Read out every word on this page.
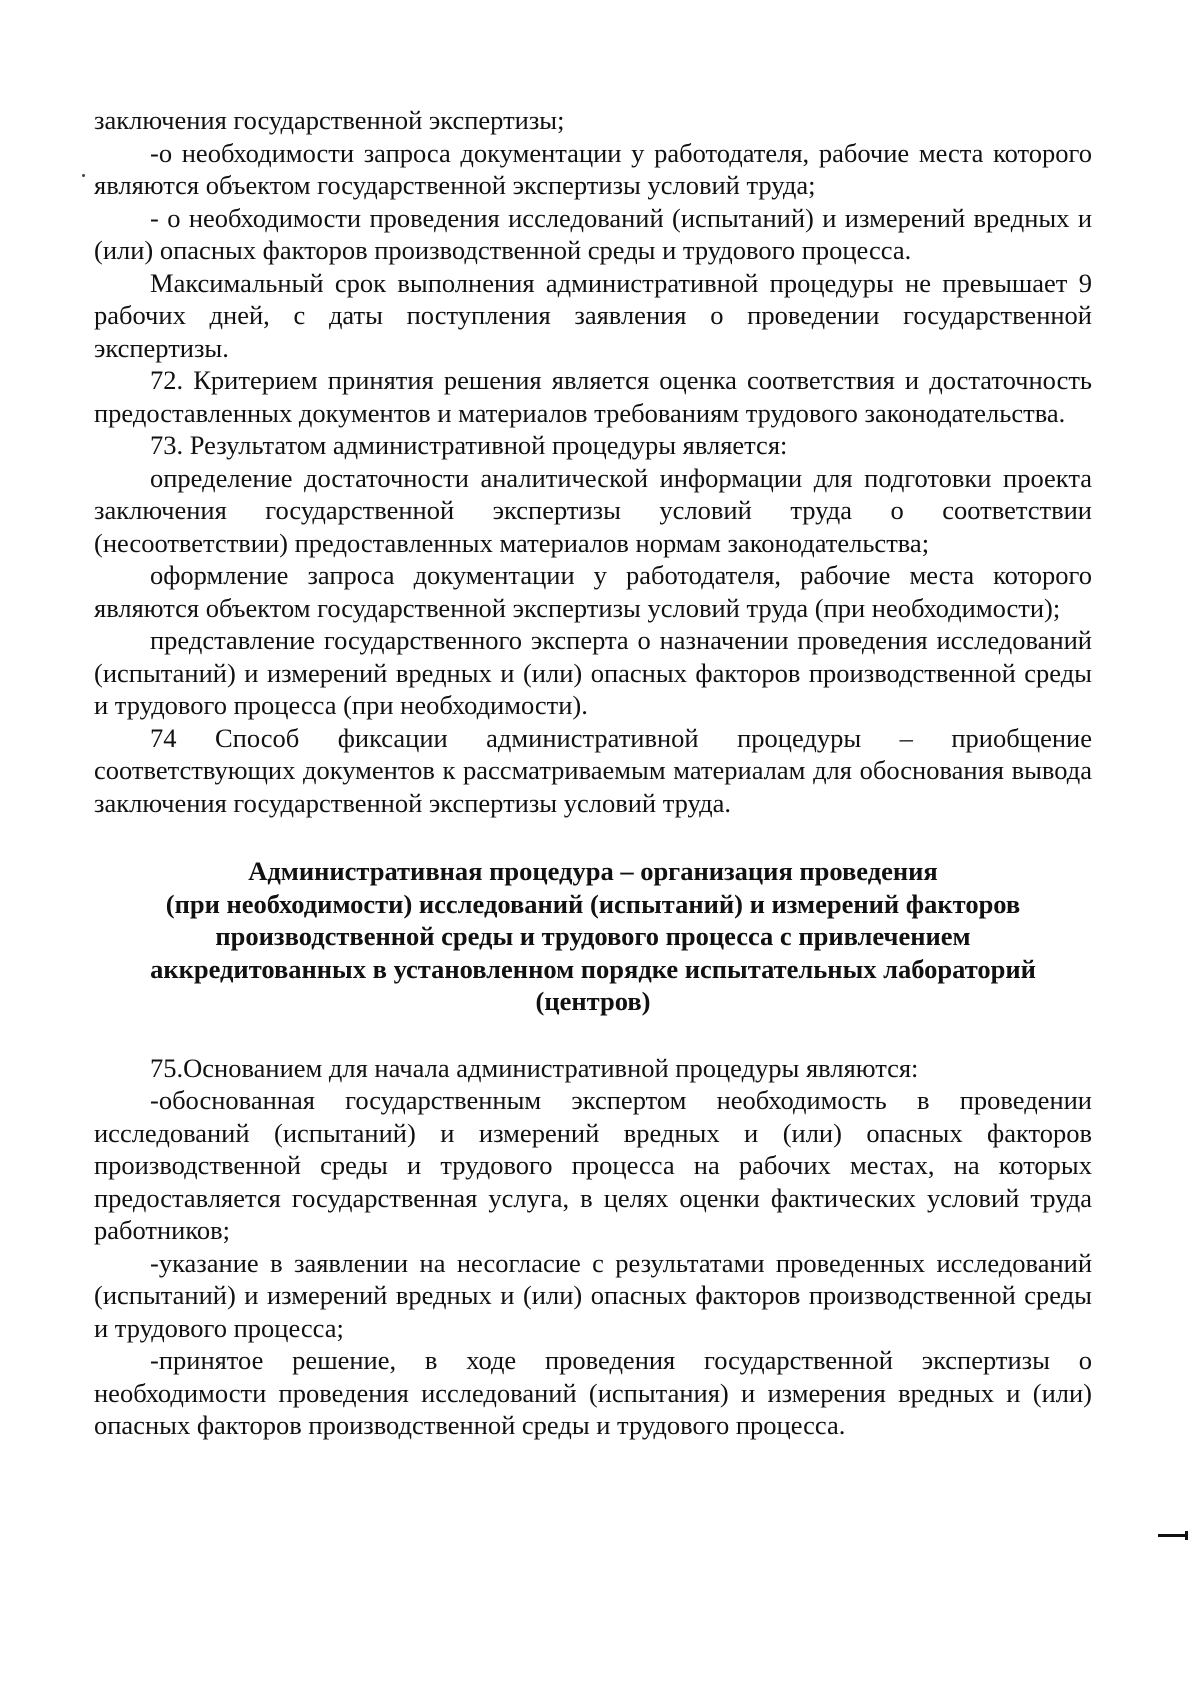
заключения государственной экспертизы;

-о необходимости запроса документации у работодателя, рабочие места которого являются объектом государственной экспертизы условий труда;

- о необходимости проведения исследований (испытаний) и измерений вредных и (или) опасных факторов производственной среды и трудового процесса.

Максимальный срок выполнения административной процедуры не превышает 9 рабочих дней, с даты поступления заявления о проведении государственной экспертизы.

72. Критерием принятия решения является оценка соответствия и достаточность предоставленных документов и материалов требованиям трудового законодательства.

73. Результатом административной процедуры является:

определение достаточности аналитической информации для подготовки проекта заключения государственной экспертизы условий труда о соответствии (несоответствии) предоставленных материалов нормам законодательства;

оформление запроса документации у работодателя, рабочие места которого являются объектом государственной экспертизы условий труда (при необходимости);

представление государственного эксперта о назначении проведения исследований (испытаний) и измерений вредных и (или) опасных факторов производственной среды и трудового процесса (при необходимости).

74 Способ фиксации административной процедуры – приобщение соответствующих документов к рассматриваемым материалам для обоснования вывода заключения государственной экспертизы условий труда.

Административная процедура – организация проведения
(при необходимости) исследований (испытаний) и измерений факторов
производственной среды и трудового процесса с привлечением
аккредитованных в установленном порядке испытательных лабораторий
(центров)

75.Основанием для начала административной процедуры являются:

-обоснованная государственным экспертом необходимость в проведении исследований (испытаний) и измерений вредных и (или) опасных факторов производственной среды и трудового процесса на рабочих местах, на которых предоставляется государственная услуга, в целях оценки фактических условий труда работников;

-указание в заявлении на несогласие с результатами проведенных исследований (испытаний) и измерений вредных и (или) опасных факторов производственной среды и трудового процесса;

-принятое решение, в ходе проведения государственной экспертизы о необходимости проведения исследований (испытания) и измерения вредных и (или) опасных факторов производственной среды и трудового процесса.
